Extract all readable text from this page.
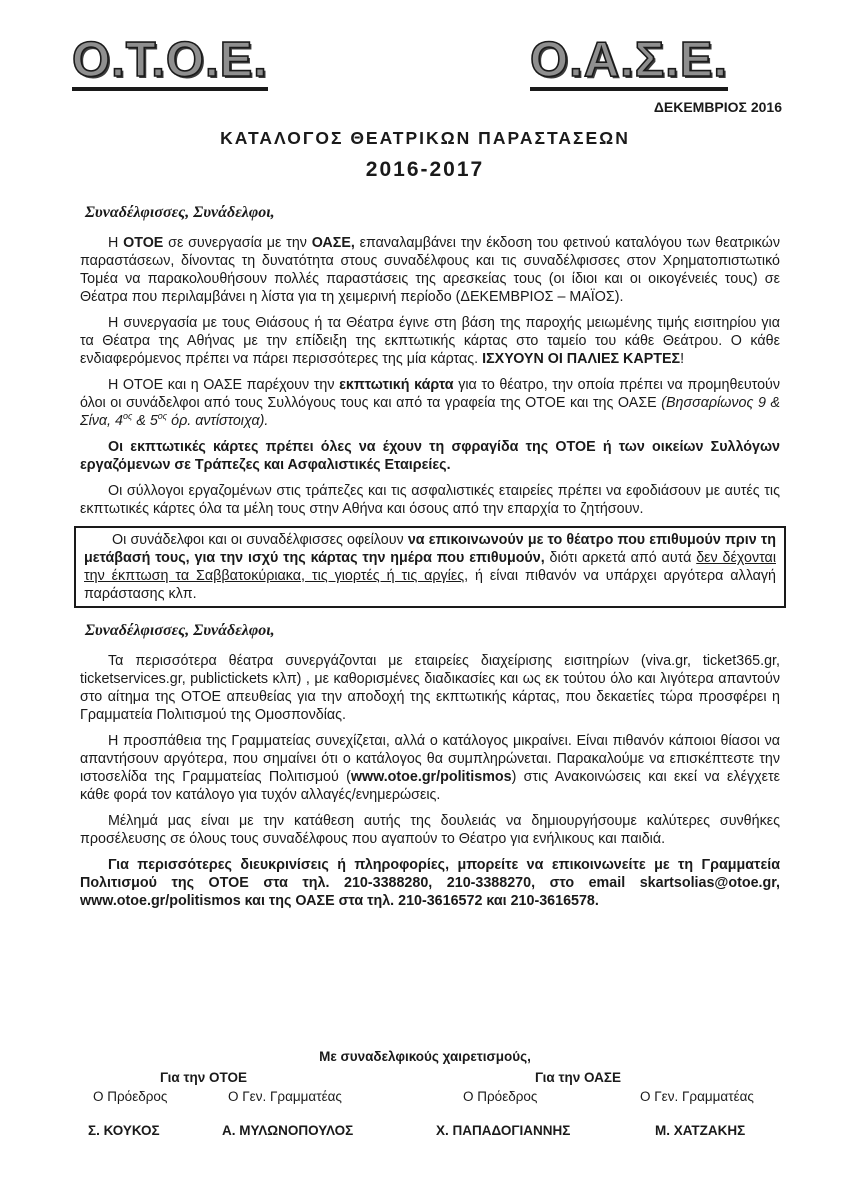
Ο.Τ.Ο.Ε.	Ο.Α.Σ.Ε.
ΔΕΚΕΜΒΡΙΟΣ 2016
ΚΑΤΑΛΟΓΟΣ ΘΕΑΤΡΙΚΩΝ ΠΑΡΑΣΤΑΣΕΩΝ
2016-2017

Συναδέλφισσες, Συνάδελφοι,

Η ΟΤΟΕ σε συνεργασία με την ΟΑΣΕ, επαναλαμβάνει την έκδοση του φετινού καταλόγου των θεατρικών παραστάσεων, δίνοντας τη δυνατότητα στους συναδέλφους και τις συναδέλφισσες στον Χρηματοπιστωτικό Τομέα να παρακολουθήσουν πολλές παραστάσεις της αρεσκείας τους (οι ίδιοι και οι οικογένειές τους) σε Θέατρα που περιλαμβάνει η λίστα για τη χειμερινή περίοδο (ΔΕΚΕΜΒΡΙΟΣ – ΜΑΪΟΣ).

Η συνεργασία με τους Θιάσους ή τα Θέατρα έγινε στη βάση της παροχής μειωμένης τιμής εισιτηρίου για τα Θέατρα της Αθήνας με την επίδειξη της εκπτωτικής κάρτας στο ταμείο του κάθε Θεάτρου. Ο κάθε ενδιαφερόμενος πρέπει να πάρει περισσότερες της μία κάρτας. ΙΣΧΥΟΥΝ ΟΙ ΠΑΛΙΕΣ ΚΑΡΤΕΣ!

Η ΟΤΟΕ και η ΟΑΣΕ παρέχουν την εκπτωτική κάρτα για το θέατρο, την οποία πρέπει να προμηθευτούν όλοι οι συνάδελφοι από τους Συλλόγους τους και από τα γραφεία της ΟΤΟΕ και της ΟΑΣΕ (Βησσαρίωνος 9 & Σίνα, $4^{o\varsigma}$ & $5^{o\varsigma}$ όρ. αντίστοιχα).

Οι εκπτωτικές κάρτες πρέπει όλες να έχουν τη σφραγίδα της ΟΤΟΕ ή των οικείων Συλλόγων εργαζόμενων σε Τράπεζες και Ασφαλιστικές Εταιρείες.

Οι σύλλογοι εργαζομένων στις τράπεζες και τις ασφαλιστικές εταιρείες πρέπει να εφοδιάσουν με αυτές τις εκπτωτικές κάρτες όλα τα μέλη τους στην Αθήνα και όσους από την επαρχία το ζητήσουν.

Οι συνάδελφοι και οι συναδέλφισσες οφείλουν να επικοινωνούν με το θέατρο που επιθυμούν πριν τη μετάβασή τους, για την ισχύ της κάρτας την ημέρα που επιθυμούν, διότι αρκετά από αυτά δεν δέχονται την έκπτωση τα Σαββατοκύριακα, τις γιορτές ή τις αργίες, ή είναι πιθανόν να υπάρχει αργότερα αλλαγή παράστασης κλπ.

Συναδέλφισσες, Συνάδελφοι,

Τα περισσότερα θέατρα συνεργάζονται με εταιρείες διαχείρισης εισιτηρίων (viva.gr, ticket365.gr, ticketservices.gr, publictickets κλπ) , με καθορισμένες διαδικασίες και ως εκ τούτου όλο και λιγότερα απαντούν στο αίτημα της ΟΤΟΕ απευθείας για την αποδοχή της εκπτωτικής κάρτας, που δεκαετίες τώρα προσφέρει η Γραμματεία Πολιτισμού της Ομοσπονδίας.

Η προσπάθεια της Γραμματείας συνεχίζεται, αλλά ο κατάλογος μικραίνει. Είναι πιθανόν κάποιοι θίασοι να απαντήσουν αργότερα, που σημαίνει ότι ο κατάλογος θα συμπληρώνεται. Παρακαλούμε να επισκέπτεστε την ιστοσελίδα της Γραμματείας Πολιτισμού (www.otoe.gr/politismos) στις Ανακοινώσεις και εκεί να ελέγχετε κάθε φορά τον κατάλογο για τυχόν αλλαγές/ενημερώσεις.

Μέλημά μας είναι με την κατάθεση αυτής της δουλειάς να δημιουργήσουμε καλύτερες συνθήκες προσέλευσης σε όλους τους συναδέλφους που αγαπούν το Θέατρο για ενήλικους και παιδιά.

Για περισσότερες διευκρινίσεις ή πληροφορίες, μπορείτε να επικοινωνείτε με τη Γραμματεία Πολιτισμού της ΟΤΟΕ στα τηλ. 210-3388280, 210-3388270, στο email skartsolias@otoe.gr, www.otoe.gr/politismos και της ΟΑΣΕ στα τηλ. 210-3616572 και 210-3616578.

Με συναδελφικούς χαιρετισμούς,
Για την ΟΤΟΕ	Για την ΟΑΣΕ
Ο Πρόεδρος	Ο Γεν. Γραμματέας	Ο Πρόεδρος	Ο Γεν. Γραμματέας
Σ. ΚΟΥΚΟΣ	Α. ΜΥΛΩΝΟΠΟΥΛΟΣ	Χ. ΠΑΠΑΔΟΓΙΑΝΝΗΣ	Μ. ΧΑΤΖΑΚΗΣ
